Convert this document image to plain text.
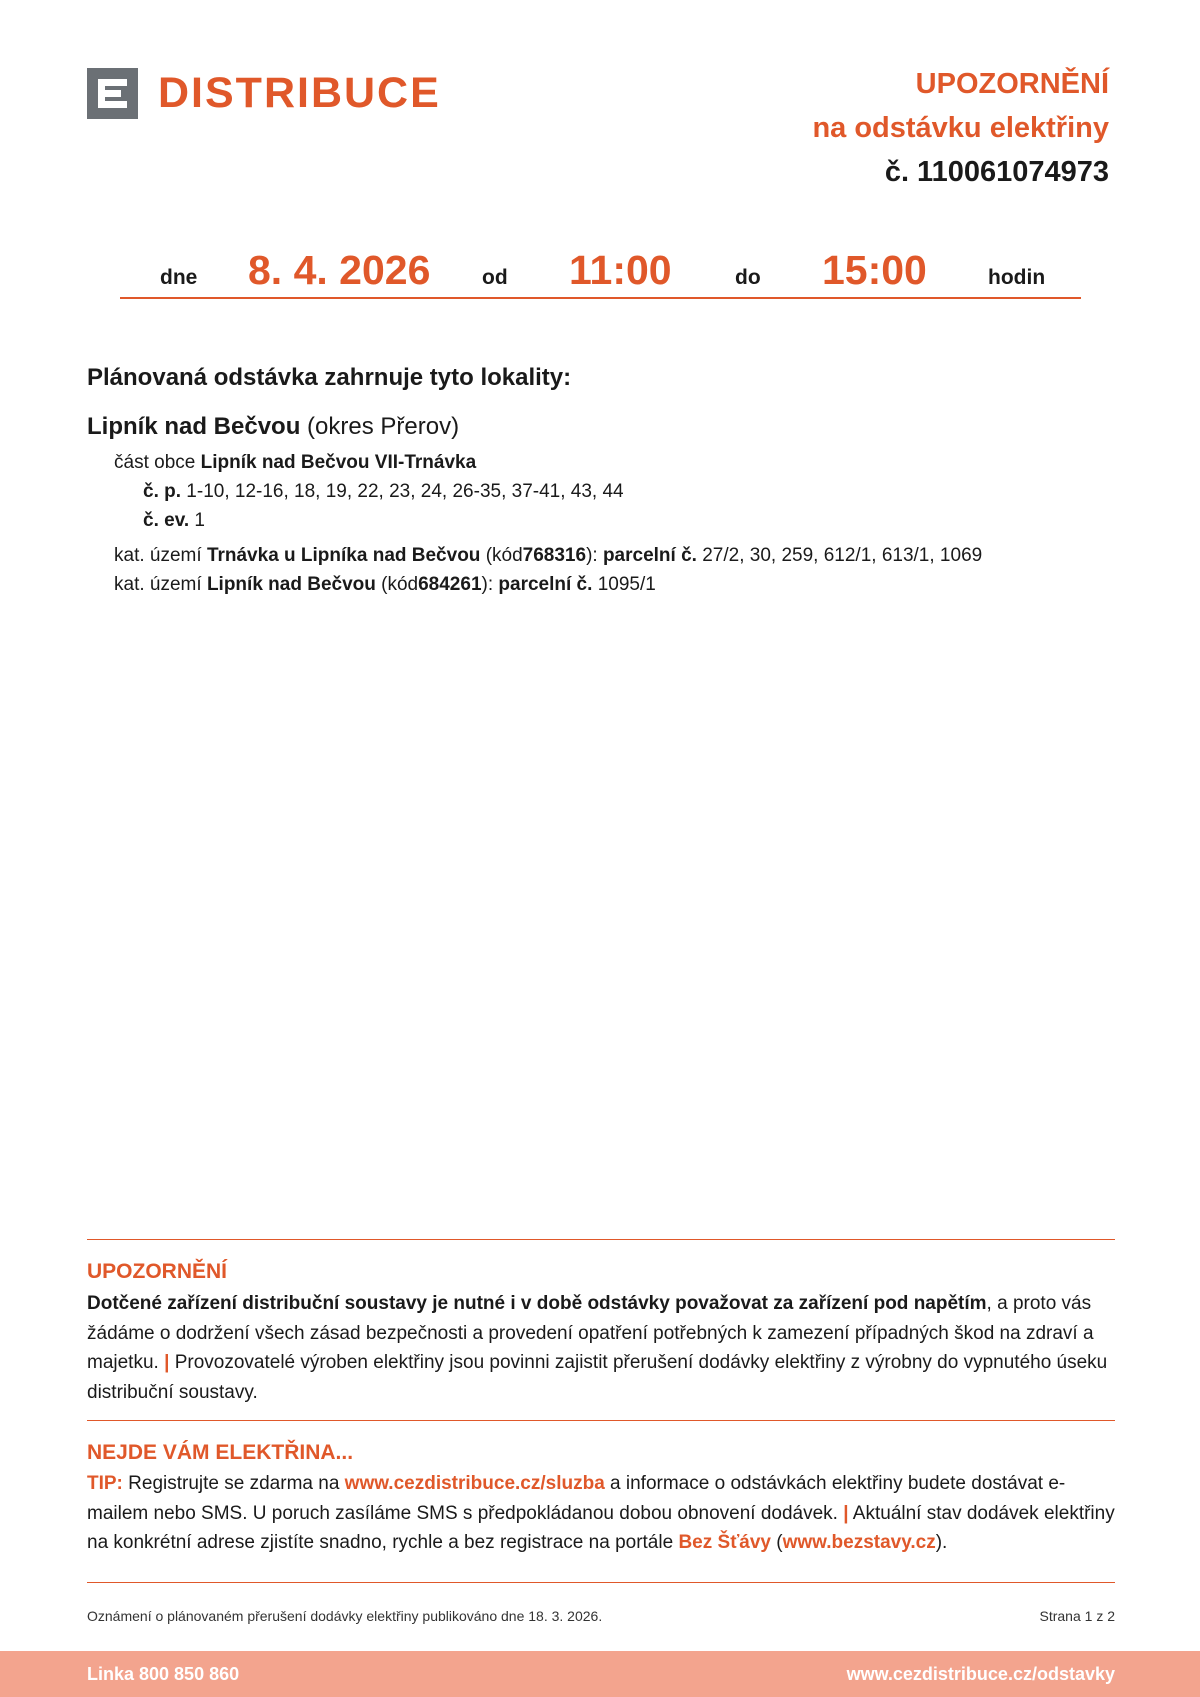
DISTRIBUCE	UPOZORNĚNÍ
na odstávku elektřiny
č. 110061074973
dne 8. 4. 2026 od 11:00	do 15:00	hodin
Plánovaná odstávka zahrnuje tyto lokality:
Lipník nad Bečvou (okres Přerov)
část obce Lipník nad Bečvou VII-Trnávka
č. p. 1-10, 12-16, 18, 19, 22, 23, 24, 26-35, 37-41, 43, 44
č. ev. 1
kat. území Trnávka u Lipníka nad Bečvou (kód768316): parcelní č. 27/2, 30, 259, 612/1, 613/1, 1069
kat. území Lipník nad Bečvou (kód684261): parcelní č. 1095/1
UPOZORNĚNÍ
Dotčené zařízení distribuční soustavy je nutné i v době odstávky považovat za zařízení pod napětím, a proto vás žádáme o dodržení všech zásad bezpečnosti a provedení opatření potřebných k zamezení případných škod na zdraví a majetku. | Provozovatelé výroben elektřiny jsou povinni zajistit přerušení dodávky elektřiny z výrobny do vypnutého úseku distribuční soustavy.
NEJDE VÁM ELEKTŘINA...
TIP: Registrujte se zdarma na www.cezdistribuce.cz/sluzba a informace o odstávkách elektřiny budete dostávat e-mailem nebo SMS. U poruch zasíláme SMS s předpokládanou dobou obnovení dodávek. | Aktuální stav dodávek elektřiny na konkrétní adrese zjistíte snadno, rychle a bez registrace na portále Bez Šťávy (www.bezstavy.cz).
Oznámení o plánovaném přerušení dodávky elektřiny publikováno dne 18. 3. 2026.	Strana 1 z 2
Linka 800 850 860	www.cezdistribuce.cz/odstavky
